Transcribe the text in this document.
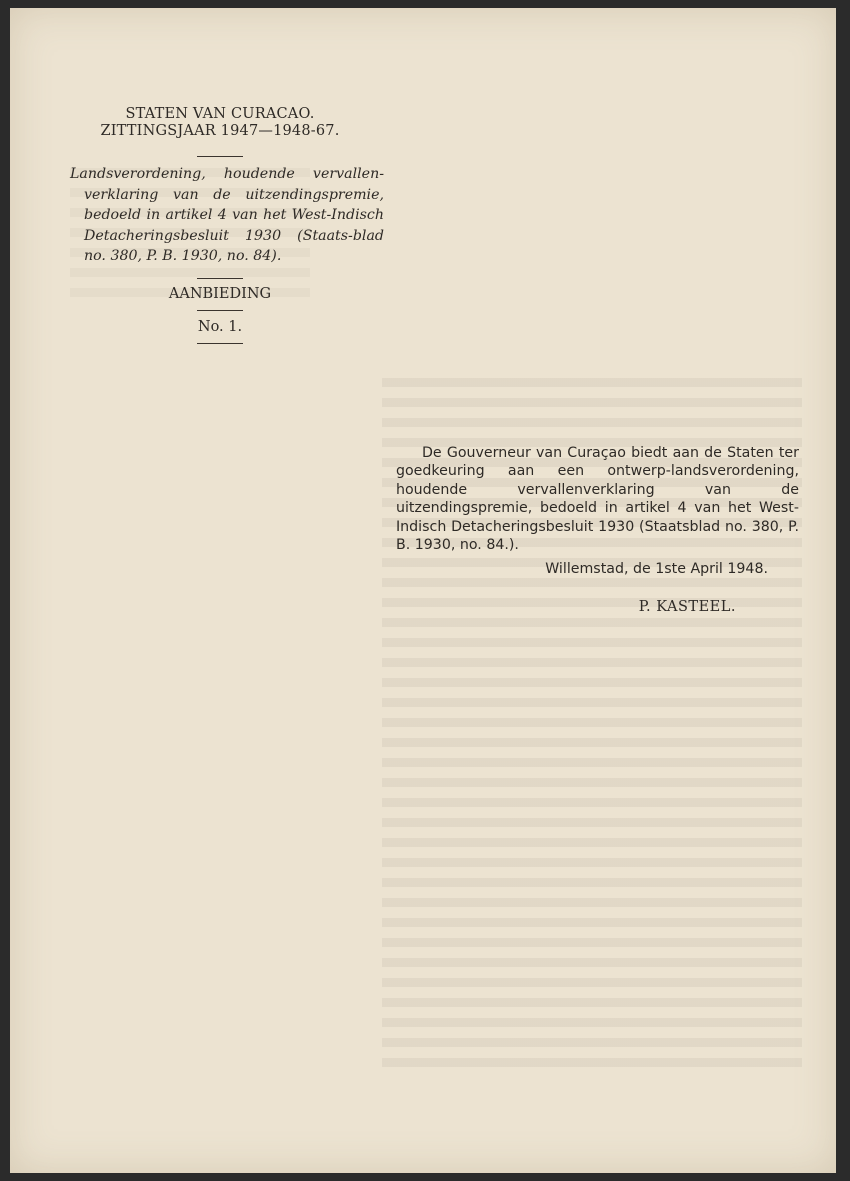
STATEN VAN CURACAO.
ZITTINGSJAAR 1947—1948-67.

Landsverordening, houdende vervallen-verklaring van de uitzendingspremie, bedoeld in artikel 4 van het West-Indisch Detacheringsbesluit 1930 (Staats-blad no. 380, P. B. 1930, no. 84).

AANBIEDING
No. 1.
De Gouverneur van Curaçao biedt aan de Staten ter goedkeuring aan een ontwerp-landsverordening, houdende vervallenverklaring van de uitzendingspremie, bedoeld in artikel 4 van het West-Indisch Detacheringsbesluit 1930 (Staatsblad no. 380, P. B. 1930, no. 84.).
Willemstad, de 1ste April 1948.
P. KASTEEL.
